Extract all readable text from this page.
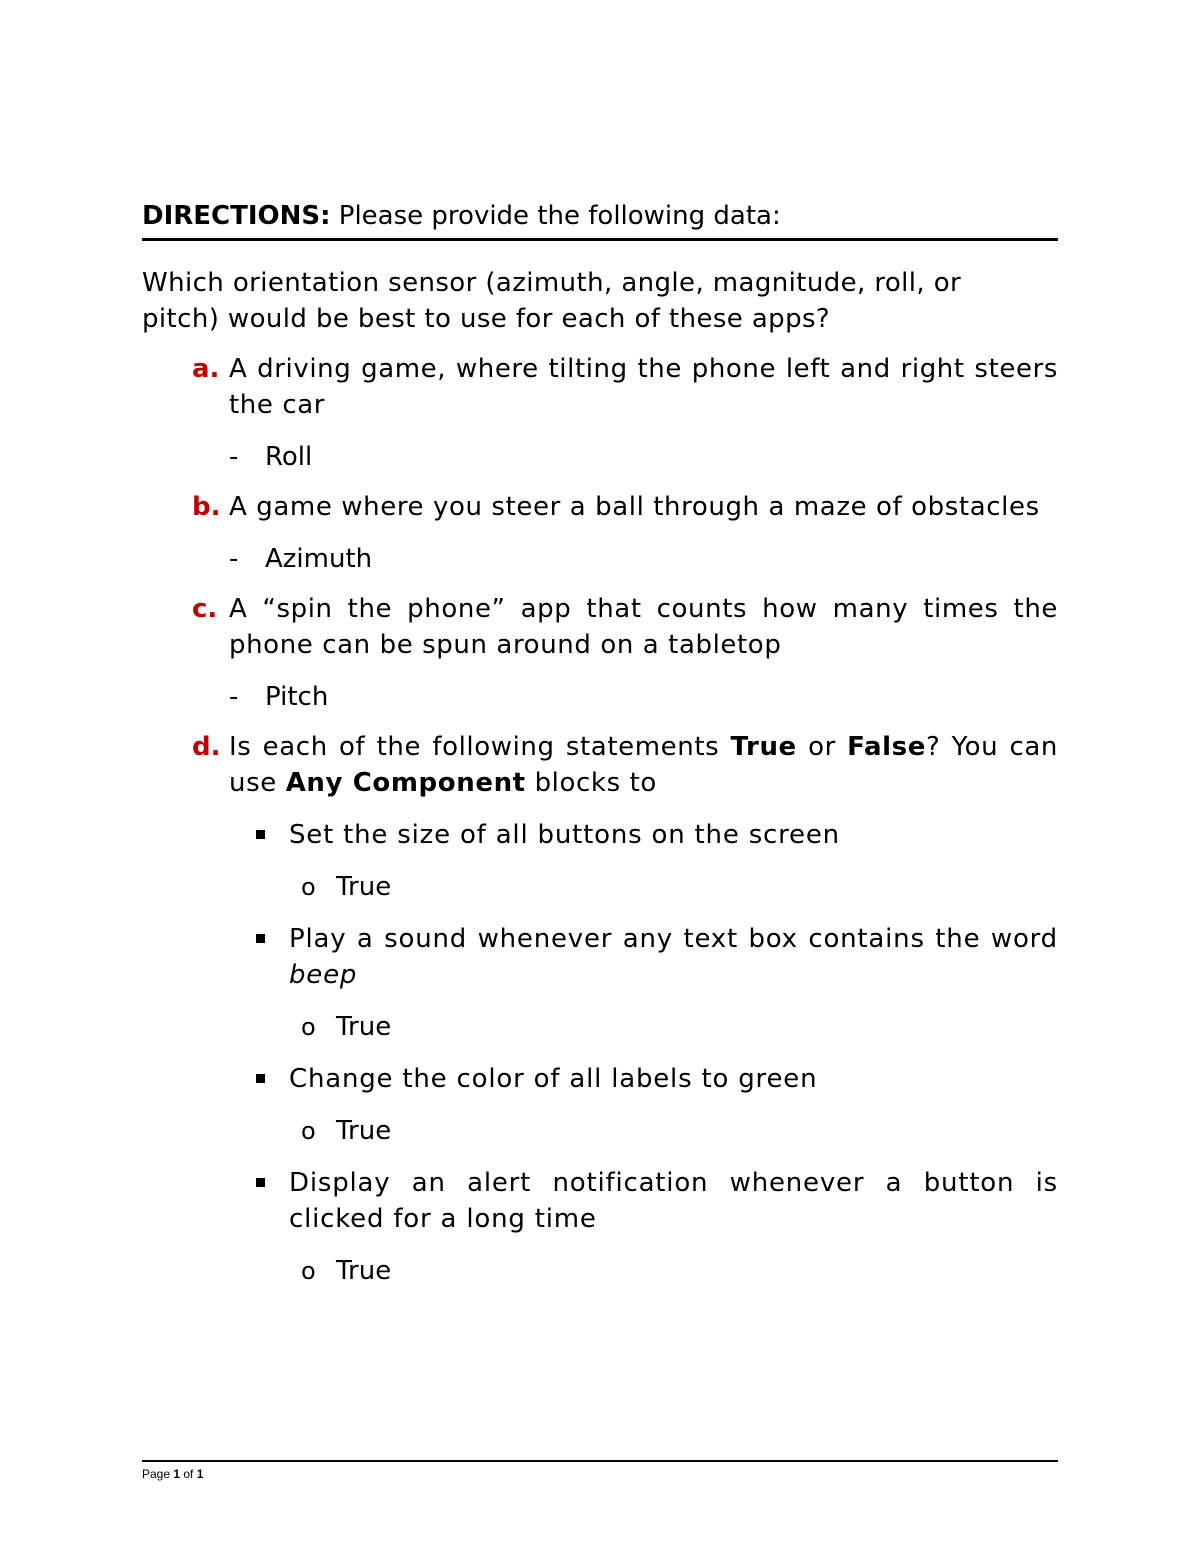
DIRECTIONS: Please provide the following data:

Which orientation sensor (azimuth, angle, magnitude, roll, or pitch) would be best to use for each of these apps?

a. A driving game, where tilting the phone left and right steers the car
- Roll
b. A game where you steer a ball through a maze of obstacles
- Azimuth
c. A “spin the phone” app that counts how many times the phone can be spun around on a tabletop
- Pitch
d. Is each of the following statements True or False? You can use Any Component blocks to
Set the size of all buttons on the screen
o True
Play a sound whenever any text box contains the word beep
o True
Change the color of all labels to green
o True
Display an alert notification whenever a button is clicked for a long time
o True
Page 1 of 1
